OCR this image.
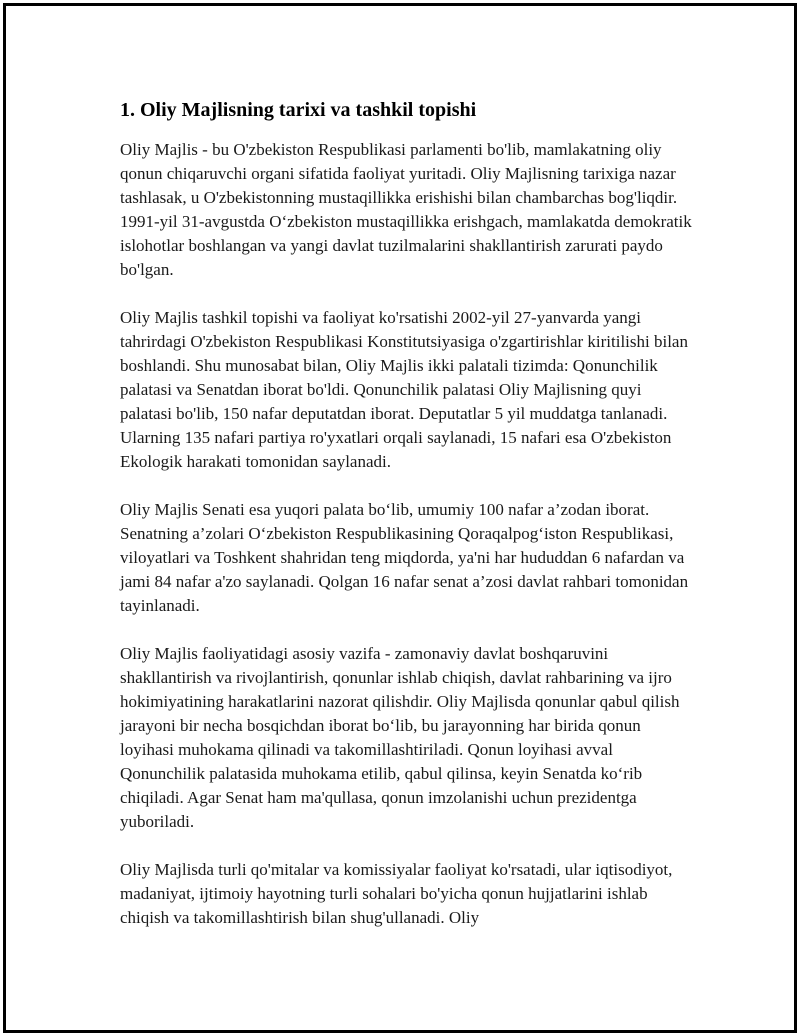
1. Oliy Majlisning tarixi va tashkil topishi

Oliy Majlis - bu O'zbekiston Respublikasi parlamenti bo'lib, mamlakatning oliy qonun chiqaruvchi organi sifatida faoliyat yuritadi. Oliy Majlisning tarixiga nazar tashlasak, u O'zbekistonning mustaqillikka erishishi bilan chambarchas bog'liqdir. 1991-yil 31-avgustda O‘zbekiston mustaqillikka erishgach, mamlakatda demokratik islohotlar boshlangan va yangi davlat tuzilmalarini shakllantirish zarurati paydo bo'lgan.

Oliy Majlis tashkil topishi va faoliyat ko'rsatishi 2002-yil 27-yanvarda yangi tahrirdagi O'zbekiston Respublikasi Konstitutsiyasiga o'zgartirishlar kiritilishi bilan boshlandi. Shu munosabat bilan, Oliy Majlis ikki palatali tizimda: Qonunchilik palatasi va Senatdan iborat bo'ldi. Qonunchilik palatasi Oliy Majlisning quyi palatasi bo'lib, 150 nafar deputatdan iborat. Deputatlar 5 yil muddatga tanlanadi. Ularning 135 nafari partiya ro'yxatlari orqali saylanadi, 15 nafari esa O'zbekiston Ekologik harakati tomonidan saylanadi.

Oliy Majlis Senati esa yuqori palata bo‘lib, umumiy 100 nafar a’zodan iborat. Senatning a’zolari O‘zbekiston Respublikasining Qoraqalpog‘iston Respublikasi, viloyatlari va Toshkent shahridan teng miqdorda, ya'ni har hududdan 6 nafardan va jami 84 nafar a'zo saylanadi. Qolgan 16 nafar senat a’zosi davlat rahbari tomonidan tayinlanadi.

Oliy Majlis faoliyatidagi asosiy vazifa - zamonaviy davlat boshqaruvini shakllantirish va rivojlantirish, qonunlar ishlab chiqish, davlat rahbarining va ijro hokimiyatining harakatlarini nazorat qilishdir. Oliy Majlisda qonunlar qabul qilish jarayoni bir necha bosqichdan iborat bo‘lib, bu jarayonning har birida qonun loyihasi muhokama qilinadi va takomillashtiriladi. Qonun loyihasi avval Qonunchilik palatasida muhokama etilib, qabul qilinsa, keyin Senatda ko‘rib chiqiladi. Agar Senat ham ma'qullasa, qonun imzolanishi uchun prezidentga yuboriladi.

Oliy Majlisda turli qo'mitalar va komissiyalar faoliyat ko'rsatadi, ular iqtisodiyot, madaniyat, ijtimoiy hayotning turli sohalari bo'yicha qonun hujjatlarini ishlab chiqish va takomillashtirish bilan shug'ullanadi. Oliy
